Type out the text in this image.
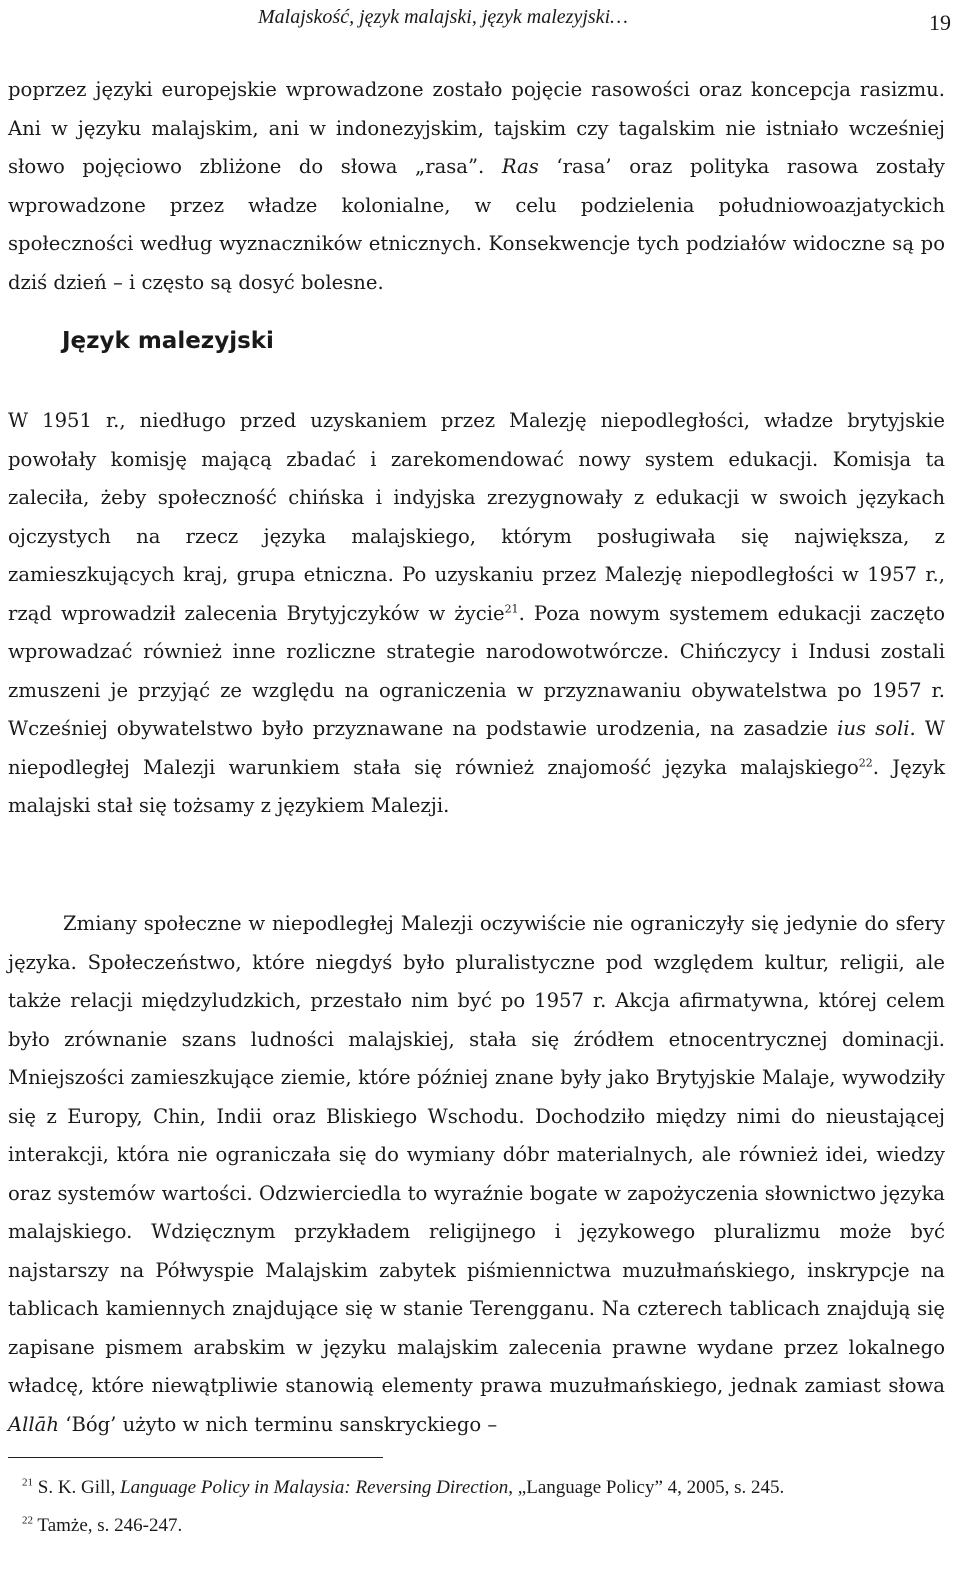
Malajskość, język malajski, język malezyjski…	19

poprzez języki europejskie wprowadzone zostało pojęcie rasowości oraz koncepcja rasizmu. Ani w języku malajskim, ani w indonezyjskim, tajskim czy tagalskim nie istniało wcześniej słowo pojęciowo zbliżone do słowa „rasa”. Ras ‘rasa’ oraz polityka rasowa zostały wprowadzone przez władze kolonialne, w celu podzielenia południowoazjatyckich społeczności według wyznaczników etnicznych. Konsekwencje tych podziałów widoczne są po dziś dzień – i często są dosyć bolesne.

Język malezyjski

W 1951 r., niedługo przed uzyskaniem przez Malezję niepodległości, władze brytyjskie powołały komisję mającą zbadać i zarekomendować nowy system edukacji. Komisja ta zaleciła, żeby społeczność chińska i indyjska zrezygnowały z edukacji w swoich językach ojczystych na rzecz języka malajskiego, którym posługiwała się największa, z zamieszkujących kraj, grupa etniczna. Po uzyskaniu przez Malezję niepodległości w 1957 r., rząd wprowadził zalecenia Brytyjczyków w życie$^{21}$. Poza nowym systemem edukacji zaczęto wprowadzać również inne rozliczne strategie narodowotwórcze. Chińczycy i Indusi zostali zmuszeni je przyjąć ze względu na ograniczenia w przyznawaniu obywatelstwa po 1957 r. Wcześniej obywatelstwo było przyznawane na podstawie urodzenia, na zasadzie ius soli. W niepodległej Malezji warunkiem stała się również znajomość języka malajskiego$^{22}$. Język malajski stał się tożsamy z językiem Malezji.

Zmiany społeczne w niepodległej Malezji oczywiście nie ograniczyły się jedynie do sfery języka. Społeczeństwo, które niegdyś było pluralistyczne pod względem kultur, religii, ale także relacji międzyludzkich, przestało nim być po 1957 r. Akcja afirmatywna, której celem było zrównanie szans ludności malajskiej, stała się źródłem etnocentrycznej dominacji. Mniejszości zamieszkujące ziemie, które później znane były jako Brytyjskie Malaje, wywodziły się z Europy, Chin, Indii oraz Bliskiego Wschodu. Dochodziło między nimi do nieustającej interakcji, która nie ograniczała się do wymiany dóbr materialnych, ale również idei, wiedzy oraz systemów wartości. Odzwierciedla to wyraźnie bogate w zapożyczenia słownictwo języka malajskiego. Wdzięcznym przykładem religijnego i językowego pluralizmu może być najstarszy na Półwyspie Malajskim zabytek piśmiennictwa muzułmańskiego, inskrypcje na tablicach kamiennych znajdujące się w stanie Terengganu. Na czterech tablicach znajdują się zapisane pismem arabskim w języku malajskim zalecenia prawne wydane przez lokalnego władcę, które niewątpliwie stanowią elementy prawa muzułmańskiego, jednak zamiast słowa Allāh ‘Bóg’ użyto w nich terminu sanskryckiego –

$^{21}$ S. K. Gill, Language Policy in Malaysia: Reversing Direction, „Language Policy” 4, 2005, s. 245.
$^{22}$ Tamże, s. 246-247.
